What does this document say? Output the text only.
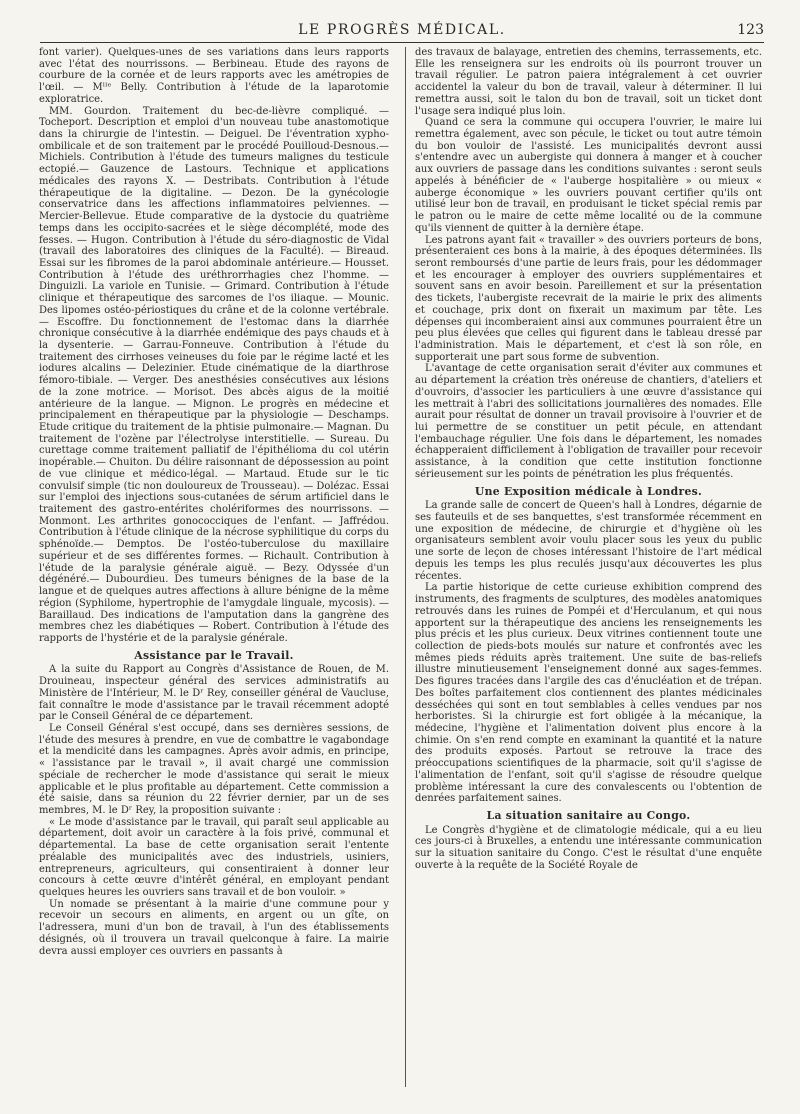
LE PROGRÈS MÉDICAL.	123

font varier). Quelques-unes de ses variations dans leurs rapports avec l'état des nourrissons. — Berbineau. Etude des rayons de courbure de la cornée et de leurs rapports avec les amétropies de l'œil. — Mˡˡᵉ Belly. Contribution à l'étude de la laparotomie exploratrice.

MM. Gourdon. Traitement du bec-de-lièvre compliqué. — Tocheport. Description et emploi d'un nouveau tube anastomotique dans la chirurgie de l'intestin. — Deiguel. De l'éventration xypho-ombilicale et de son traitement par le procédé Pouilloud-Desnous.— Michiels. Contribution à l'étude des tumeurs malignes du testicule ectopié.— Gauzence de Lastours. Technique et applications médicales des rayons X. — Destribats. Contribution à l'étude thérapeutique de la digitaline. — Dezon. De la gynécologie conservatrice dans les affections inflammatoires pelviennes. — Mercier-Bellevue. Etude comparative de la dystocie du quatrième temps dans les occipito-sacrées et le siège décomplété, mode des fesses. — Hugon. Contribution à l'étude du séro-diagnostic de Vidal (travail des laboratoires des cliniques de la Faculté). — Bireaud. Essai sur les fibromes de la paroi abdominale antérieure.— Housset. Contribution à l'étude des uréthrorrhagies chez l'homme. — Dinguizli. La variole en Tunisie. — Grimard. Contribution à l'étude clinique et thérapeutique des sarcomes de l'os iliaque. — Mounic. Des lipomes ostéo-périostiques du crâne et de la colonne vertébrale.— Escoffre. Du fonctionnement de l'estomac dans la diarrhée chronique consécutive à la diarrhée endémique des pays chauds et à la dysenterie. — Garrau-Fonneuve. Contribution à l'étude du traitement des cirrhoses veineuses du foie par le régime lacté et les iodures alcalins — Delezinier. Etude cinématique de la diarthrose fémoro-tibiale. — Verger. Des anesthésies consécutives aux lésions de la zone motrice. — Morisot. Des abcès aigus de la moitié antérieure de la langue. — Mignon. Le progrès en médecine et principalement en thérapeutique par la physiologie — Deschamps. Etude critique du traitement de la phtisie pulmonaire.— Magnan. Du traitement de l'ozène par l'électrolyse interstitielle. — Sureau. Du curettage comme traitement palliatif de l'épithélioma du col utérin inopérable.— Chuiton. Du délire raisonnant de dépossession au point de vue clinique et médico-légal. — Martaud. Etude sur le tic convulsif simple (tic non douloureux de Trousseau). — Dolézac. Essai sur l'emploi des injections sous-cutanées de sérum artificiel dans le traitement des gastro-entérites cholériformes des nourrissons. — Monmont. Les arthrites gonococciques de l'enfant. — Jaffrédou. Contribution à l'étude clinique de la nécrose syphilitique du corps du sphénoïde.— Demptos. De l'ostéo-tuberculose du maxillaire supérieur et de ses différentes formes. — Richault. Contribution à l'étude de la paralysie générale aiguë. — Bezy. Odyssée d'un dégénéré.— Dubourdieu. Des tumeurs bénignes de la base de la langue et de quelques autres affections à allure bénigne de la même région (Syphilome, hypertrophie de l'amygdale linguale, mycosis). — Baraillaud. Des indications de l'amputation dans la gangrène des membres chez les diabétiques — Robert. Contribution à l'étude des rapports de l'hystérie et de la paralysie générale.

Assistance par le Travail.

A la suite du Rapport au Congrès d'Assistance de Rouen, de M. Drouineau, inspecteur général des services administratifs au Ministère de l'Intérieur, M. le Dʳ Rey, conseiller général de Vaucluse, fait connaître le mode d'assistance par le travail récemment adopté par le Conseil Général de ce département.

Le Conseil Général s'est occupé, dans ses dernières sessions, de l'étude des mesures à prendre, en vue de combattre le vagabondage et la mendicité dans les campagnes. Après avoir admis, en principe, « l'assistance par le travail », il avait chargé une commission spéciale de rechercher le mode d'assistance qui serait le mieux applicable et le plus profitable au département. Cette commission a été saisie, dans sa réunion du 22 février dernier, par un de ses membres, M. le Dʳ Rey, la proposition suivante :

« Le mode d'assistance par le travail, qui paraît seul applicable au département, doit avoir un caractère à la fois privé, communal et départemental. La base de cette organisation serait l'entente préalable des municipalités avec des industriels, usiniers, entrepreneurs, agriculteurs, qui consentiraient à donner leur concours à cette œuvre d'intérêt général, en employant pendant quelques heures les ouvriers sans travail et de bon vouloir. »

Un nomade se présentant à la mairie d'une commune pour y recevoir un secours en aliments, en argent ou un gîte, on l'adressera, muni d'un bon de travail, à l'un des établissements désignés, où il trouvera un travail quelconque à faire. La mairie devra aussi employer ces ouvriers en passants à

des travaux de balayage, entretien des chemins, terrassements, etc. Elle les renseignera sur les endroits où ils pourront trouver un travail régulier. Le patron paiera intégralement à cet ouvrier accidentel la valeur du bon de travail, valeur à déterminer. Il lui remettra aussi, soit le talon du bon de travail, soit un ticket dont l'usage sera indiqué plus loin.

Quand ce sera la commune qui occupera l'ouvrier, le maire lui remettra également, avec son pécule, le ticket ou tout autre témoin du bon vouloir de l'assisté. Les municipalités devront aussi s'entendre avec un aubergiste qui donnera à manger et à coucher aux ouvriers de passage dans les conditions suivantes : seront seuls appelés à bénéficier de « l'auberge hospitalière » ou mieux « auberge économique » les ouvriers pouvant certifier qu'ils ont utilisé leur bon de travail, en produisant le ticket spécial remis par le patron ou le maire de cette même localité ou de la commune qu'ils viennent de quitter à la dernière étape.

Les patrons ayant fait « travailler » des ouvriers porteurs de bons, présenteraient ces bons à la mairie, à des époques déterminées. Ils seront remboursés d'une partie de leurs frais, pour les dédommager et les encourager à employer des ouvriers supplémentaires et souvent sans en avoir besoin. Pareillement et sur la présentation des tickets, l'aubergiste recevrait de la mairie le prix des aliments et couchage, prix dont on fixerait un maximum par tête. Les dépenses qui incomberaient ainsi aux communes pourraient être un peu plus élevées que celles qui figurent dans le tableau dressé par l'administration. Mais le département, et c'est là son rôle, en supporterait une part sous forme de subvention.

L'avantage de cette organisation serait d'éviter aux communes et au département la création très onéreuse de chantiers, d'ateliers et d'ouvroirs, d'associer les particuliers à une œuvre d'assistance qui les mettrait à l'abri des sollicitations journalières des nomades. Elle aurait pour résultat de donner un travail provisoire à l'ouvrier et de lui permettre de se constituer un petit pécule, en attendant l'embauchage régulier. Une fois dans le département, les nomades échapperaient difficilement à l'obligation de travailler pour recevoir assistance, à la condition que cette institution fonctionne sérieusement sur les points de pénétration les plus fréquentés.

Une Exposition médicale à Londres.

La grande salle de concert de Queen's hall à Londres, dégarnie de ses fauteuils et de ses banquettes, s'est transformée récemment en une exposition de médecine, de chirurgie et d'hygiène où les organisateurs semblent avoir voulu placer sous les yeux du public une sorte de leçon de choses intéressant l'histoire de l'art médical depuis les temps les plus reculés jusqu'aux découvertes les plus récentes.

La partie historique de cette curieuse exhibition comprend des instruments, des fragments de sculptures, des modèles anatomiques retrouvés dans les ruines de Pompéi et d'Herculanum, et qui nous apportent sur la thérapeutique des anciens les renseignements les plus précis et les plus curieux. Deux vitrines contiennent toute une collection de pieds-bots moulés sur nature et confrontés avec les mêmes pieds réduits après traitement. Une suite de bas-reliefs illustre minutieusement l'enseignement donné aux sages-femmes. Des figures tracées dans l'argile des cas d'énucléation et de trépan. Des boîtes parfaitement clos contiennent des plantes médicinales desséchées qui sont en tout semblables à celles vendues par nos herboristes. Si la chirurgie est fort obligée à la mécanique, la médecine, l'hygiène et l'alimentation doivent plus encore à la chimie. On s'en rend compte en examinant la quantité et la nature des produits exposés. Partout se retrouve la trace des préoccupations scientifiques de la pharmacie, soit qu'il s'agisse de l'alimentation de l'enfant, soit qu'il s'agisse de résoudre quelque problème intéressant la cure des convalescents ou l'obtention de denrées parfaitement saines.

La situation sanitaire au Congo.

Le Congrès d'hygiène et de climatologie médicale, qui a eu lieu ces jours-ci à Bruxelles, a entendu une intéressante communication sur la situation sanitaire du Congo. C'est le résultat d'une enquête ouverte à la requête de la Société Royale de
